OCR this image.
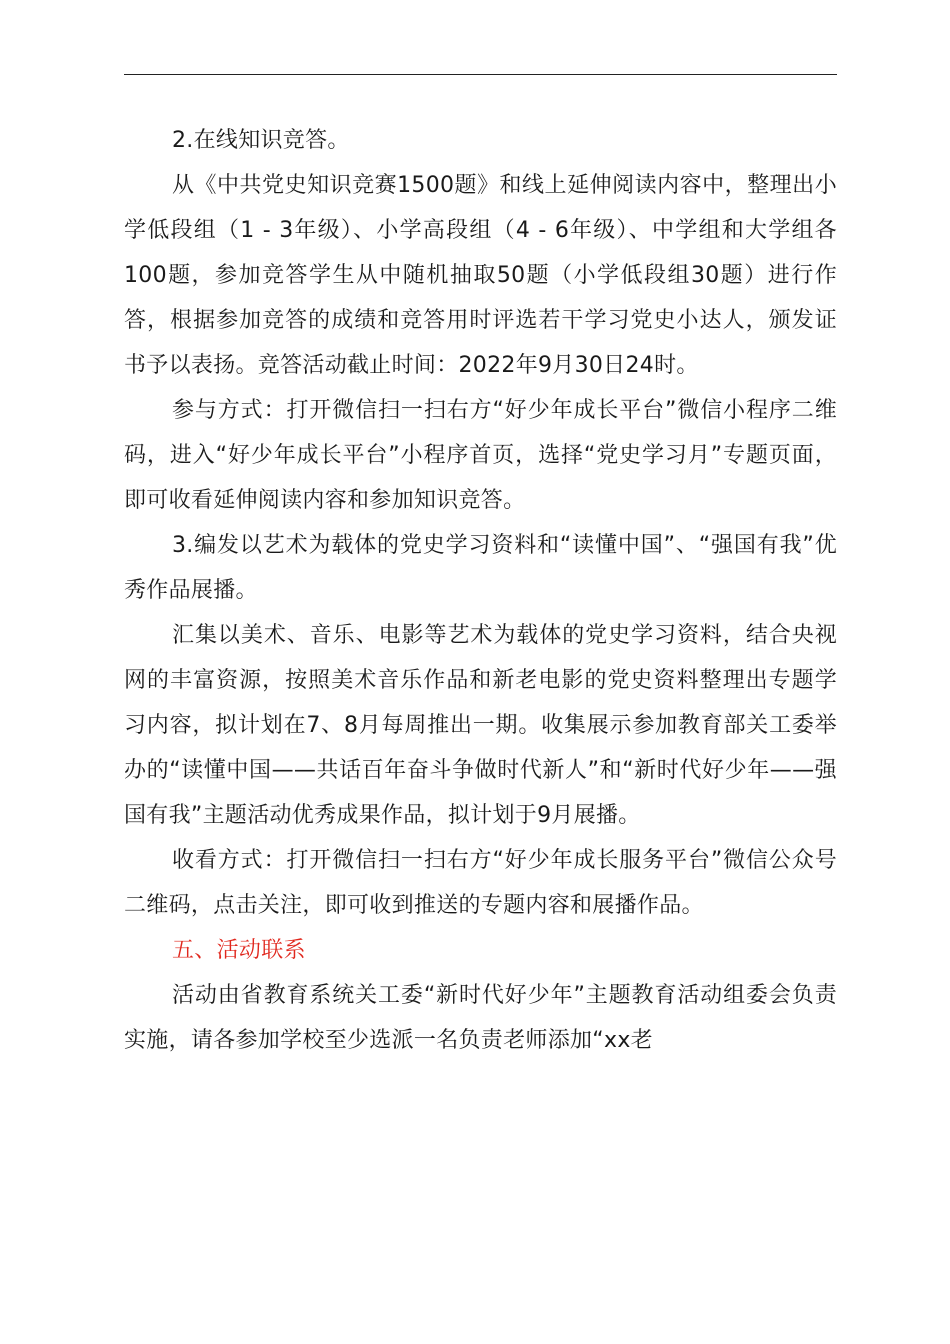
2.在线知识竞答。

从《中共党史知识竞赛1500题》和线上延伸阅读内容中，整理出小学低段组（1 - 3年级）、小学高段组（4 - 6年级）、中学组和大学组各100题，参加竞答学生从中随机抽取50题（小学低段组30题）进行作答，根据参加竞答的成绩和竞答用时评选若干学习党史小达人，颁发证书予以表扬。竞答活动截止时间：2022年9月30日24时。

参与方式：打开微信扫一扫右方“好少年成长平台”微信小程序二维码，进入“好少年成长平台”小程序首页，选择“党史学习月”专题页面，即可收看延伸阅读内容和参加知识竞答。

3.编发以艺术为载体的党史学习资料和“读懂中国”、“强国有我”优秀作品展播。

汇集以美术、音乐、电影等艺术为载体的党史学习资料，结合央视网的丰富资源，按照美术音乐作品和新老电影的党史资料整理出专题学习内容，拟计划在7、8月每周推出一期。收集展示参加教育部关工委举办的“读懂中国——共话百年奋斗争做时代新人”和“新时代好少年——强国有我”主题活动优秀成果作品，拟计划于9月展播。

收看方式：打开微信扫一扫右方“好少年成长服务平台”微信公众号二维码，点击关注，即可收到推送的专题内容和展播作品。

五、活动联系

活动由省教育系统关工委“新时代好少年”主题教育活动组委会负责实施，请各参加学校至少选派一名负责老师添加“xx老
